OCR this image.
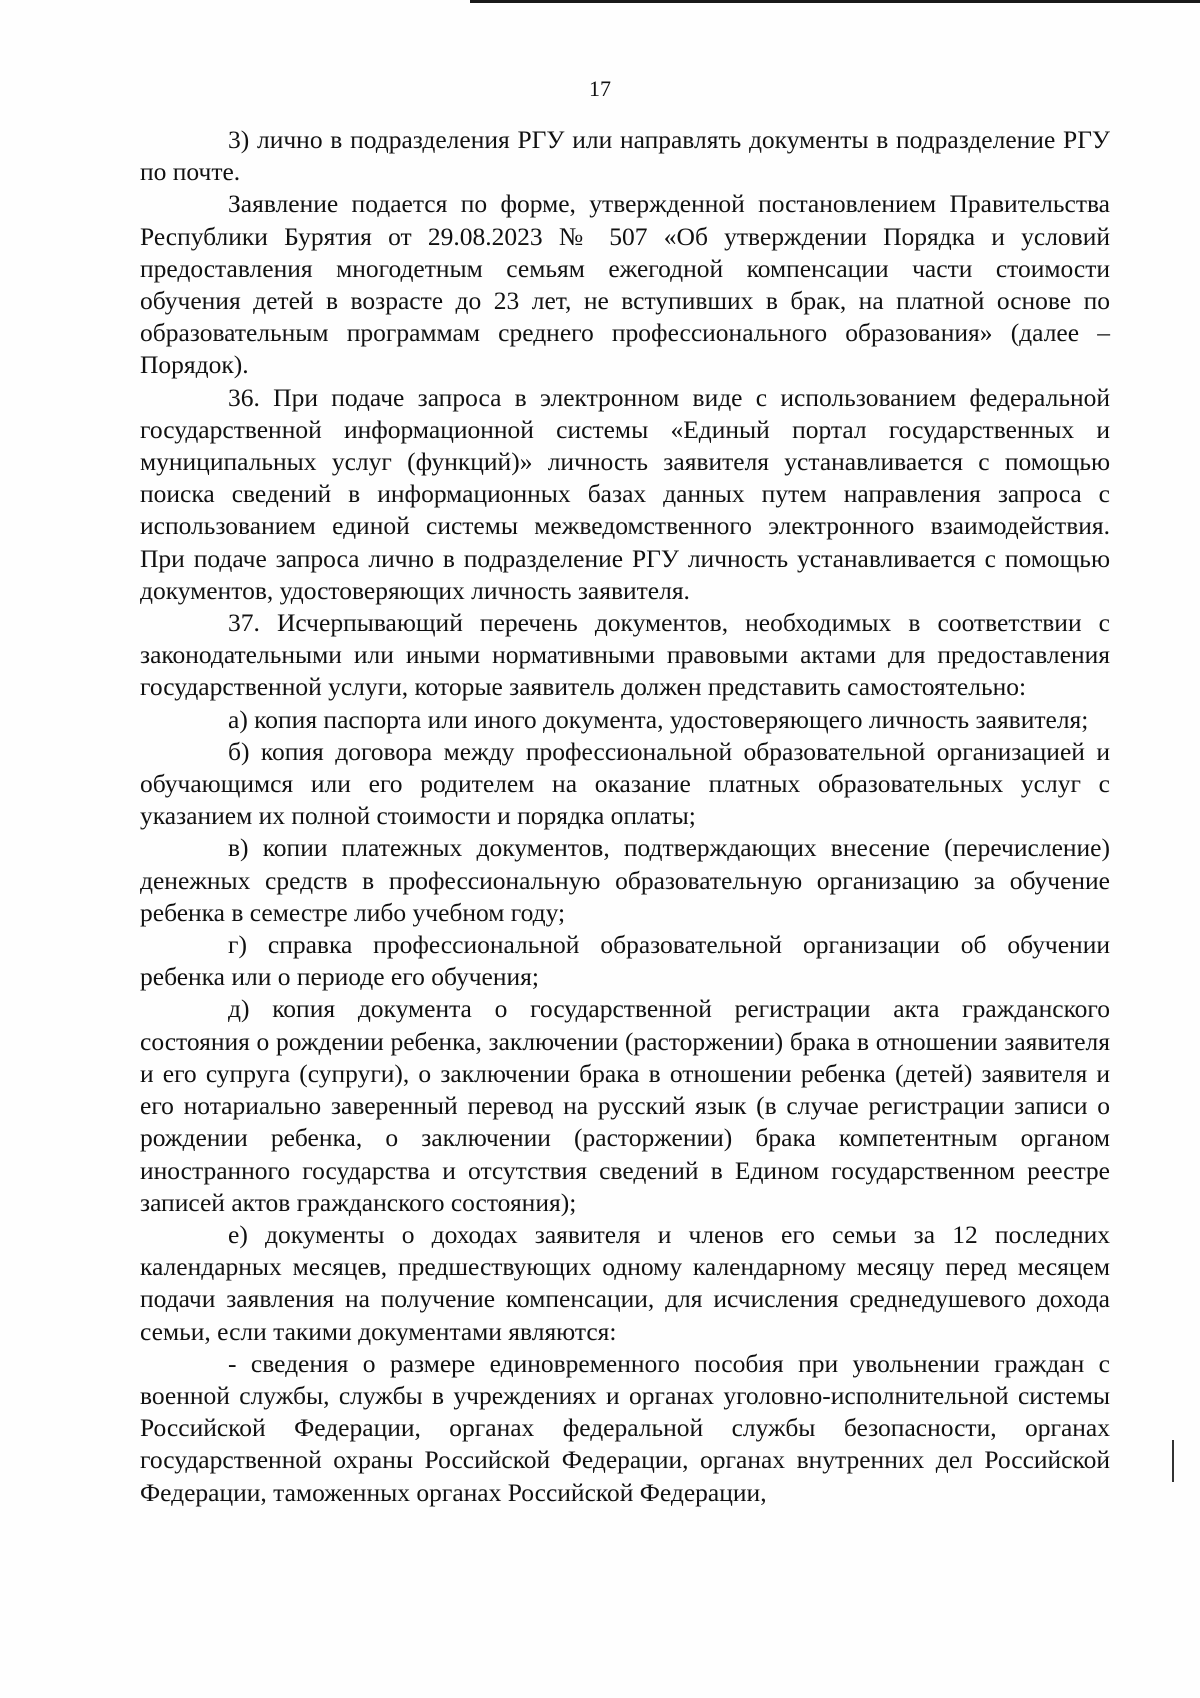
17

3) лично в подразделения РГУ или направлять документы в подразделение РГУ по почте.

Заявление подается по форме, утвержденной постановлением Правительства Республики Бурятия от 29.08.2023 № 507 «Об утверждении Порядка и условий предоставления многодетным семьям ежегодной компенсации части стоимости обучения детей в возрасте до 23 лет, не вступивших в брак, на платной основе по образовательным программам среднего профессионального образования» (далее – Порядок).

36. При подаче запроса в электронном виде с использованием федеральной государственной информационной системы «Единый портал государственных и муниципальных услуг (функций)» личность заявителя устанавливается с помощью поиска сведений в информационных базах данных путем направления запроса с использованием единой системы межведомственного электронного взаимодействия. При подаче запроса лично в подразделение РГУ личность устанавливается с помощью документов, удостоверяющих личность заявителя.

37. Исчерпывающий перечень документов, необходимых в соответствии с законодательными или иными нормативными правовыми актами для предоставления государственной услуги, которые заявитель должен представить самостоятельно:

а) копия паспорта или иного документа, удостоверяющего личность заявителя;

б) копия договора между профессиональной образовательной организацией и обучающимся или его родителем на оказание платных образовательных услуг с указанием их полной стоимости и порядка оплаты;

в) копии платежных документов, подтверждающих внесение (перечисление) денежных средств в профессиональную образовательную организацию за обучение ребенка в семестре либо учебном году;

г) справка профессиональной образовательной организации об обучении ребенка или о периоде его обучения;

д) копия документа о государственной регистрации акта гражданского состояния о рождении ребенка, заключении (расторжении) брака в отношении заявителя и его супруга (супруги), о заключении брака в отношении ребенка (детей) заявителя и его нотариально заверенный перевод на русский язык (в случае регистрации записи о рождении ребенка, о заключении (расторжении) брака компетентным органом иностранного государства и отсутствия сведений в Едином государственном реестре записей актов гражданского состояния);

е) документы о доходах заявителя и членов его семьи за 12 последних календарных месяцев, предшествующих одному календарному месяцу перед месяцем подачи заявления на получение компенсации, для исчисления среднедушевого дохода семьи, если такими документами являются:

- сведения о размере единовременного пособия при увольнении граждан с военной службы, службы в учреждениях и органах уголовно-исполнительной системы Российской Федерации, органах федеральной службы безопасности, органах государственной охраны Российской Федерации, органах внутренних дел Российской Федерации, таможенных органах Российской Федерации,
